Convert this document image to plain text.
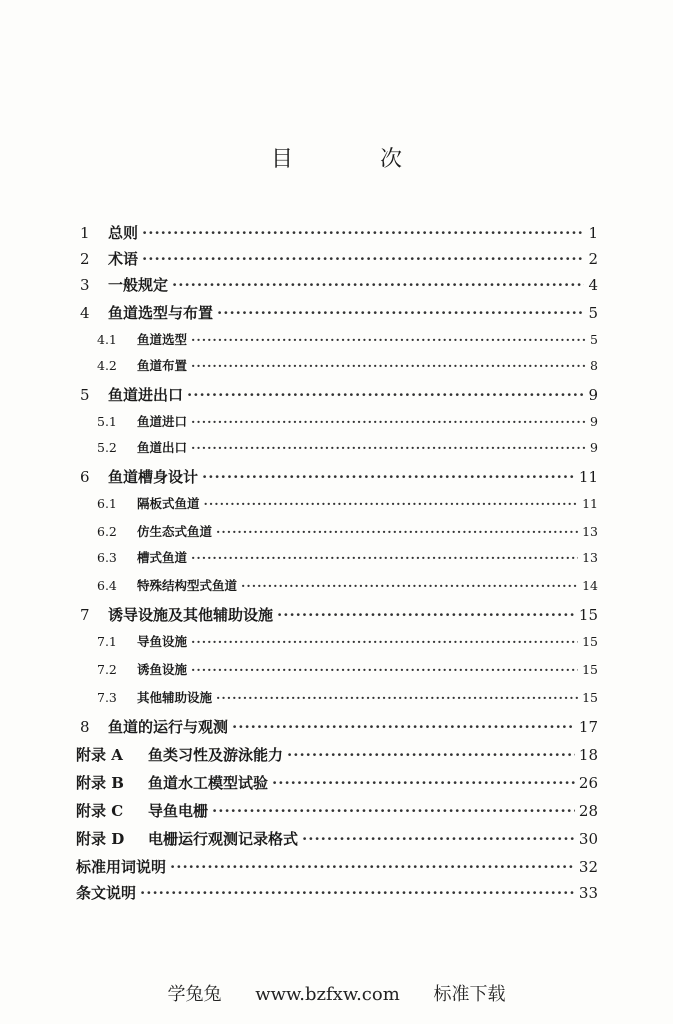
目 次
1	总则 ·····	1
2	术语 ·····	2
3	一般规定 ·····	4
4	鱼道选型与布置 ·····	5
4.1	鱼道选型 ·····	5
4.2	鱼道布置 ·····	8
5	鱼道进出口 ·····	9
5.1	鱼道进口 ·····	9
5.2	鱼道出口 ·····	9
6	鱼道槽身设计 ·····	11
6.1	隔板式鱼道 ·····	11
6.2	仿生态式鱼道 ·····	13
6.3	槽式鱼道 ·····	13
6.4	特殊结构型式鱼道 ·····	14
7	诱导设施及其他辅助设施 ·····	15
7.1	导鱼设施 ·····	15
7.2	诱鱼设施 ·····	15
7.3	其他辅助设施 ·····	15
8	鱼道的运行与观测 ·····	17
附录 A	鱼类习性及游泳能力 ·····	18
附录 B	鱼道水工模型试验 ·····	26
附录 C	导鱼电栅 ·····	28
附录 D	电栅运行观测记录格式 ·····	30
标准用词说明 ·····	32
条文说明 ·····	33
学兔兔 www.bzfxw.com 标准下载
